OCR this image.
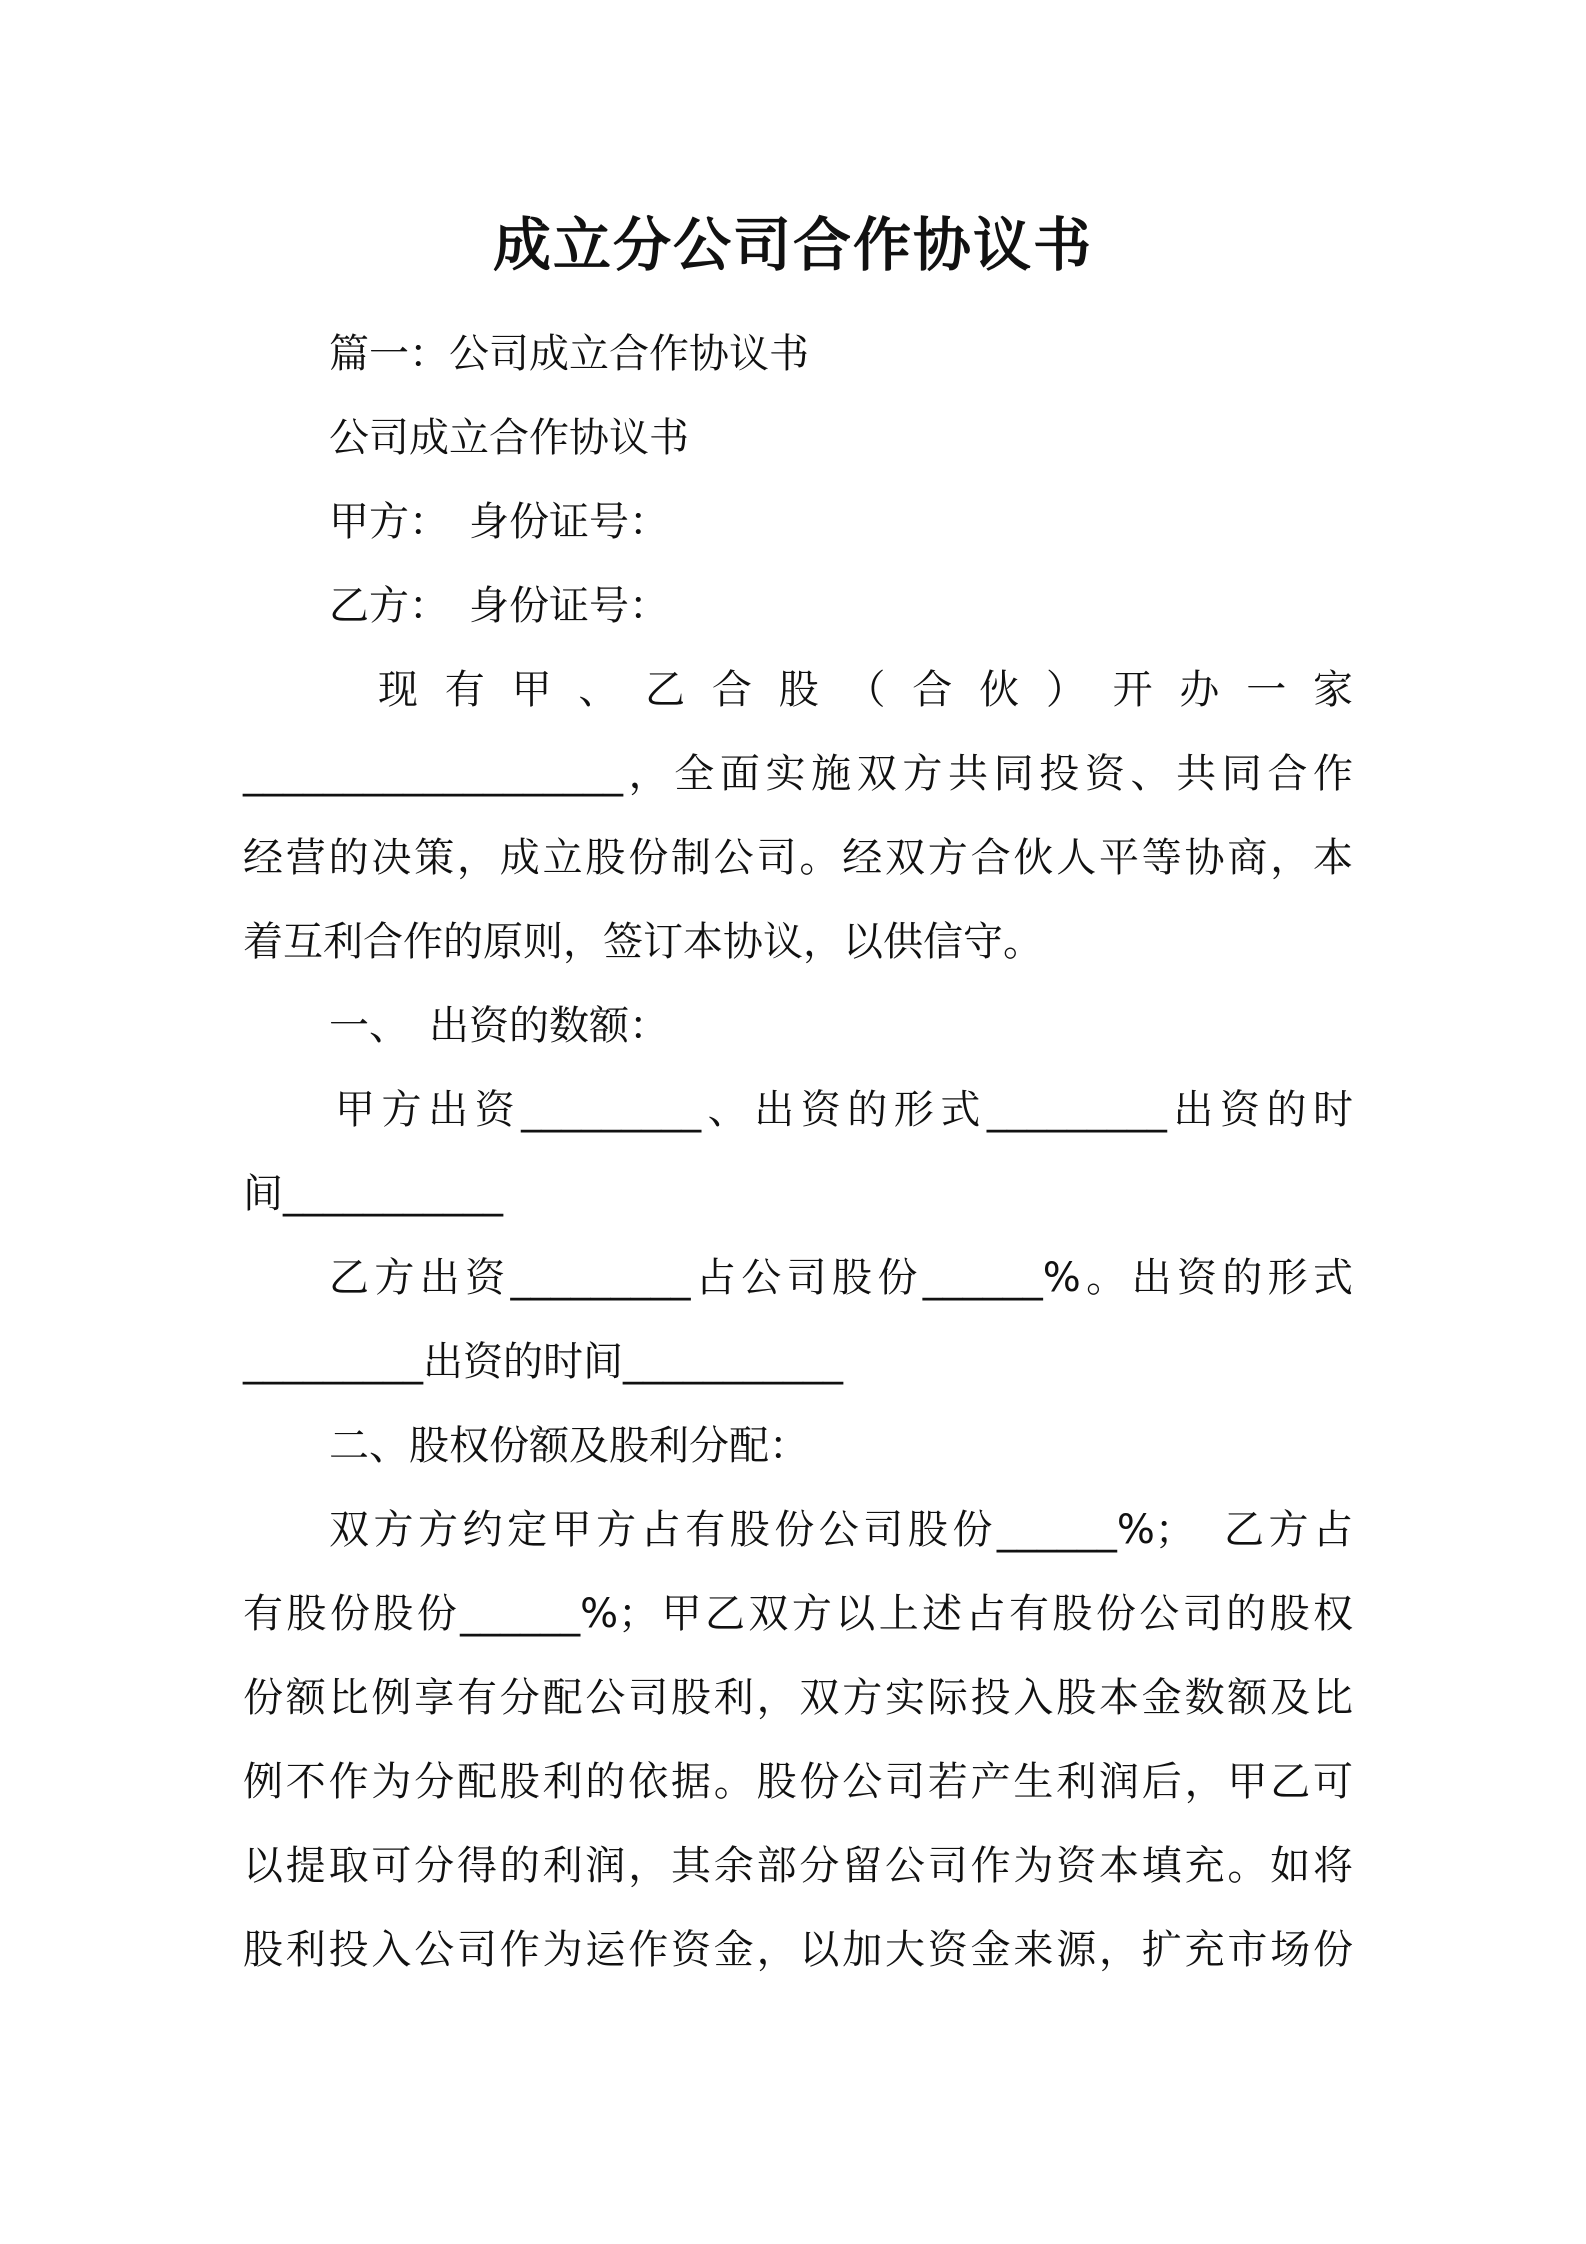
成立分公司合作协议书
篇一：公司成立合作协议书
公司成立合作协议书
甲方：　身份证号：
乙方：　身份证号：
现 有 甲 、 乙 合 股 （ 合 伙 ） 开 办 一 家
___________________，全面实施双方共同投资、共同合作
经营的决策，成立股份制公司。经双方合伙人平等协商，本
着互利合作的原则，签订本协议，以供信守。
一、　出资的数额：
甲方出资_________、出资的形式_________出资的时
间___________
乙方出资_________占公司股份______%。出资的形式
_________出资的时间___________
二、股权份额及股利分配：
双方方约定甲方占有股份公司股份______%；　乙方占
有股份股份______%；甲乙双方以上述占有股份公司的股权
份额比例享有分配公司股利，双方实际投入股本金数额及比
例不作为分配股利的依据。股份公司若产生利润后，甲乙可
以提取可分得的利润，其余部分留公司作为资本填充。如将
股利投入公司作为运作资金，以加大资金来源，扩充市场份
